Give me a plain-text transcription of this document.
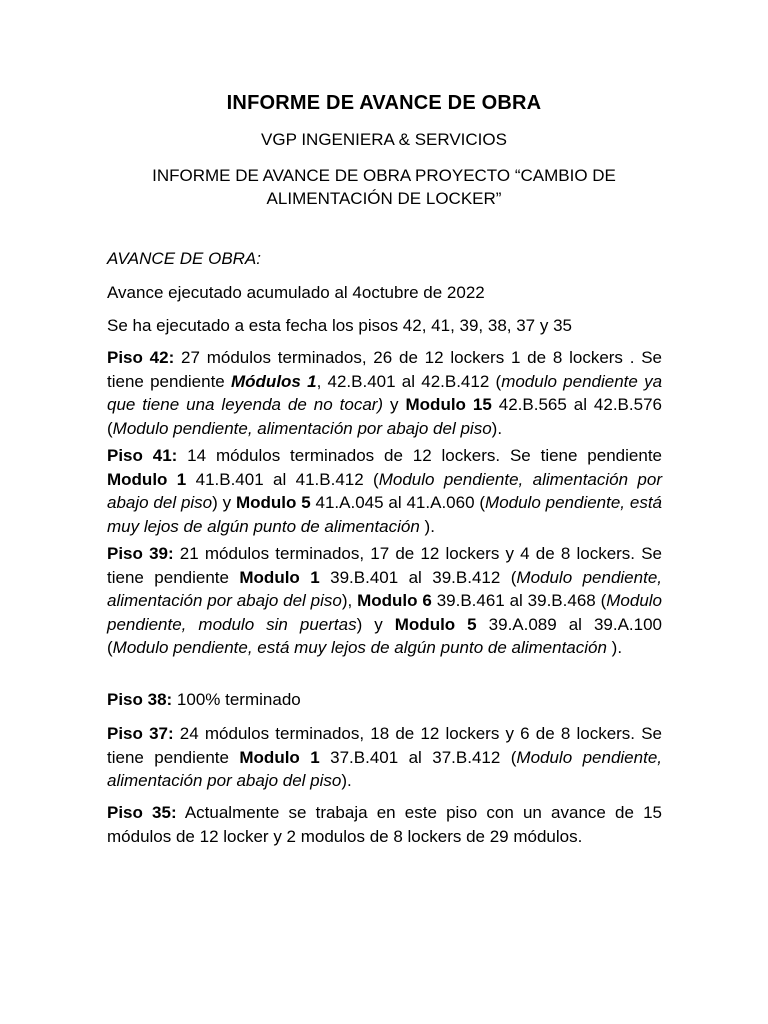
INFORME DE AVANCE DE OBRA

VGP INGENIERA & SERVICIOS

INFORME DE AVANCE DE OBRA PROYECTO “CAMBIO DE ALIMENTACIÓN DE LOCKER”

AVANCE DE OBRA:

Avance ejecutado acumulado al 4octubre de 2022

Se ha ejecutado a esta fecha los pisos 42, 41, 39, 38, 37 y 35

Piso 42: 27 módulos terminados, 26 de 12 lockers 1 de 8 lockers . Se tiene pendiente Módulos 1, 42.B.401 al 42.B.412 (modulo pendiente ya que tiene una leyenda de no tocar) y Modulo 15 42.B.565 al 42.B.576 (Modulo pendiente, alimentación por abajo del piso).

Piso 41: 14 módulos terminados de 12 lockers. Se tiene pendiente Modulo 1 41.B.401 al 41.B.412 (Modulo pendiente, alimentación por abajo del piso) y Modulo 5 41.A.045 al 41.A.060 (Modulo pendiente, está muy lejos de algún punto de alimentación ).

Piso 39: 21 módulos terminados, 17 de 12 lockers y 4 de 8 lockers. Se tiene pendiente Modulo 1 39.B.401 al 39.B.412 (Modulo pendiente, alimentación por abajo del piso), Modulo 6 39.B.461 al 39.B.468 (Modulo pendiente, modulo sin puertas) y Modulo 5 39.A.089 al 39.A.100 (Modulo pendiente, está muy lejos de algún punto de alimentación ).

Piso 38: 100% terminado

Piso 37: 24 módulos terminados, 18 de 12 lockers y 6 de 8 lockers. Se tiene pendiente Modulo 1 37.B.401 al 37.B.412 (Modulo pendiente, alimentación por abajo del piso).

Piso 35: Actualmente se trabaja en este piso con un avance de 15 módulos de 12 locker y 2 modulos de 8 lockers de 29 módulos.
